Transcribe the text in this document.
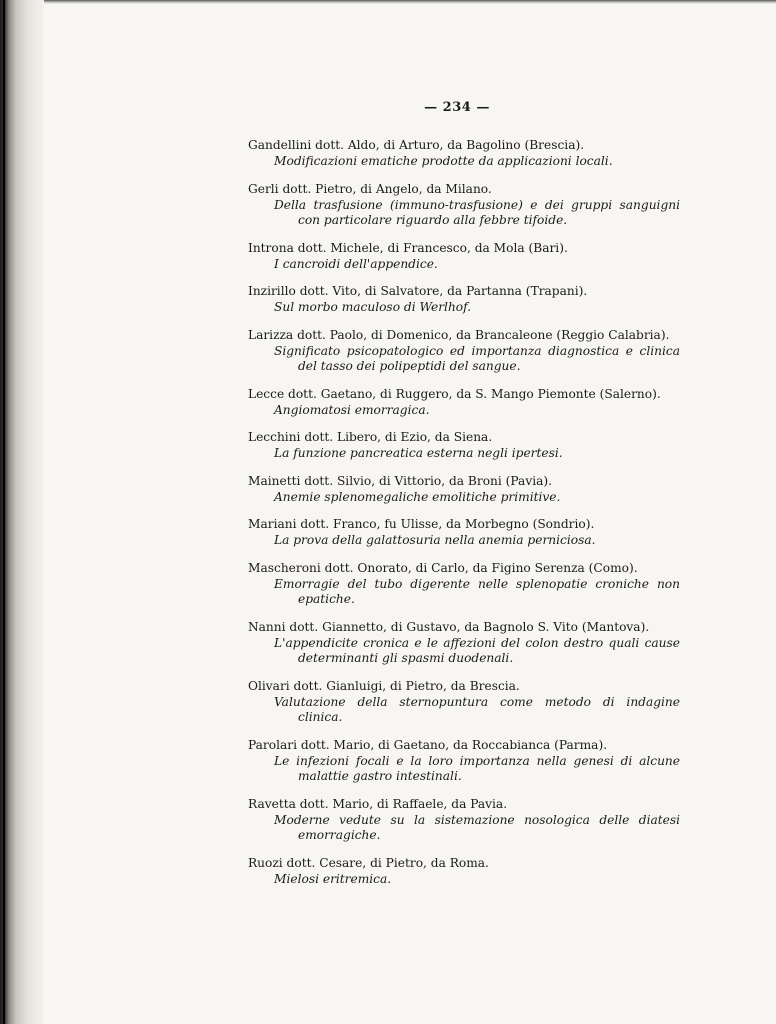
— 234 —
Gandellini dott. Aldo, di Arturo, da Bagolino (Brescia).
Modificazioni ematiche prodotte da applicazioni locali.
Gerli dott. Pietro, di Angelo, da Milano.
Della trasfusione (immuno-trasfusione) e dei gruppi sanguigni con particolare riguardo alla febbre tifoide.
Introna dott. Michele, di Francesco, da Mola (Bari).
I cancroidi dell'appendice.
Inzirillo dott. Vito, di Salvatore, da Partanna (Trapani).
Sul morbo maculoso di Werlhof.
Larizza dott. Paolo, di Domenico, da Brancaleone (Reggio Calabria).
Significato psicopatologico ed importanza diagnostica e clinica del tasso dei polipeptidi del sangue.
Lecce dott. Gaetano, di Ruggero, da S. Mango Piemonte (Salerno).
Angiomatosi emorragica.
Lecchini dott. Libero, di Ezio, da Siena.
La funzione pancreatica esterna negli ipertesi.
Mainetti dott. Silvio, di Vittorio, da Broni (Pavia).
Anemie splenomegaliche emolitiche primitive.
Mariani dott. Franco, fu Ulisse, da Morbegno (Sondrio).
La prova della galattosuria nella anemia perniciosa.
Mascheroni dott. Onorato, di Carlo, da Figino Serenza (Como).
Emorragie del tubo digerente nelle splenopatie croniche non epatiche.
Nanni dott. Giannetto, di Gustavo, da Bagnolo S. Vito (Mantova).
L'appendicite cronica e le affezioni del colon destro quali cause determinanti gli spasmi duodenali.
Olivari dott. Gianluigi, di Pietro, da Brescia.
Valutazione della sternopuntura come metodo di indagine clinica.
Parolari dott. Mario, di Gaetano, da Roccabianca (Parma).
Le infezioni focali e la loro importanza nella genesi di alcune malattie gastro intestinali.
Ravetta dott. Mario, di Raffaele, da Pavia.
Moderne vedute su la sistemazione nosologica delle diatesi emorragiche.
Ruozi dott. Cesare, di Pietro, da Roma.
Mielosi eritremica.
